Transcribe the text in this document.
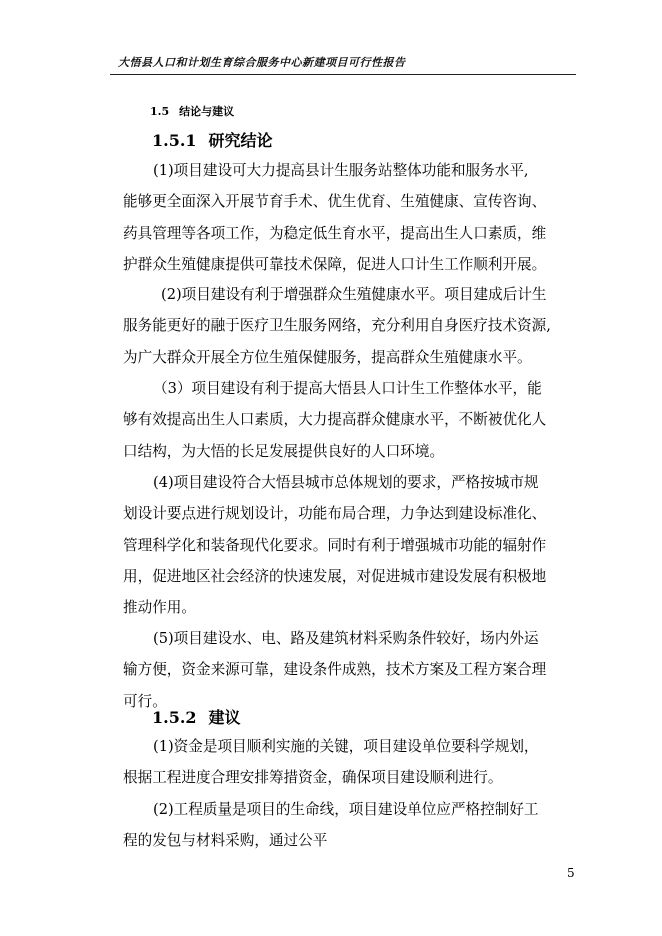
大悟县人口和计划生育综合服务中心新建项目可行性报告
1.5 结论与建议
1.5.1 研究结论
(1)项目建设可大力提高县计生服务站整体功能和服务水平,
能够更全面深入开展节育手术、优生优育、生殖健康、宣传咨询、
药具管理等各项工作，为稳定低生育水平，提高出生人口素质，维
护群众生殖健康提供可靠技术保障，促进人口计生工作顺利开展。
(2)项目建设有利于增强群众生殖健康水平。项目建成后计生
服务能更好的融于医疗卫生服务网络，充分利用自身医疗技术资源,
为广大群众开展全方位生殖保健服务，提高群众生殖健康水平。
（3）项目建设有利于提高大悟县人口计生工作整体水平，能
够有效提高出生人口素质，大力提高群众健康水平，不断被优化人
口结构，为大悟的长足发展提供良好的人口环境。
(4)项目建设符合大悟县城市总体规划的要求，严格按城市规
划设计要点进行规划设计，功能布局合理，力争达到建设标准化、
管理科学化和装备现代化要求。同时有利于增强城市功能的辐射作
用，促进地区社会经济的快速发展，对促进城市建设发展有积极地
推动作用。
(5)项目建设水、电、路及建筑材料采购条件较好，场内外运
输方便，资金来源可靠，建设条件成熟，技术方案及工程方案合理
可行。
1.5.2 建议
(1)资金是项目顺利实施的关键，项目建设单位要科学规划，
根据工程进度合理安排筹措资金，确保项目建设顺利进行。
(2)工程质量是项目的生命线，项目建设单位应严格控制好工
程的发包与材料采购，通过公平
5
